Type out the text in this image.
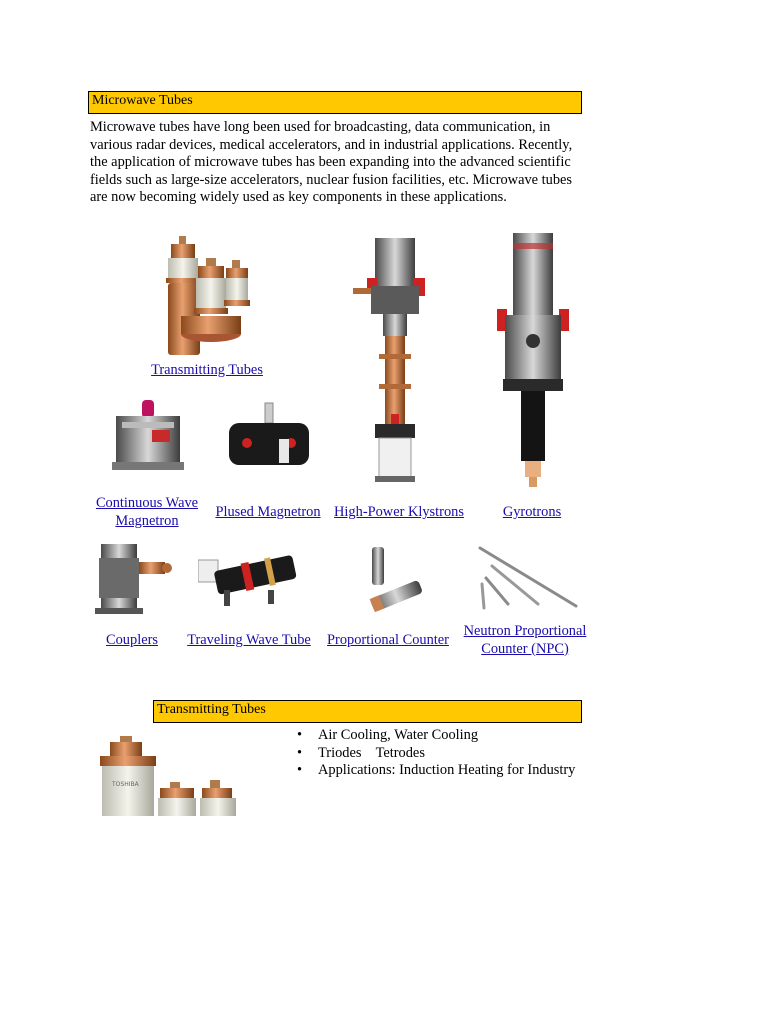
Microwave Tubes

Microwave tubes have long been used for broadcasting, data communication, in various radar devices, medical accelerators, and in industrial applications. Recently, the application of microwave tubes has been expanding into the advanced scientific fields such as large-size accelerators, nuclear fusion facilities, etc. Microwave tubes are now becoming widely used as key components in these applications.

Transmitting Tubes
Continuous Wave
Magnetron
Plused Magnetron High-Power Klystrons	Gyrotrons
Couplers	Traveling Wave Tube	Proportional Counter
Neutron Proportional
Counter (NPC)
Transmitting Tubes
TOSHIBA
• Air Cooling, Water Cooling
• Triodes    Tetrodes
• Applications: Induction Heating for Industry
